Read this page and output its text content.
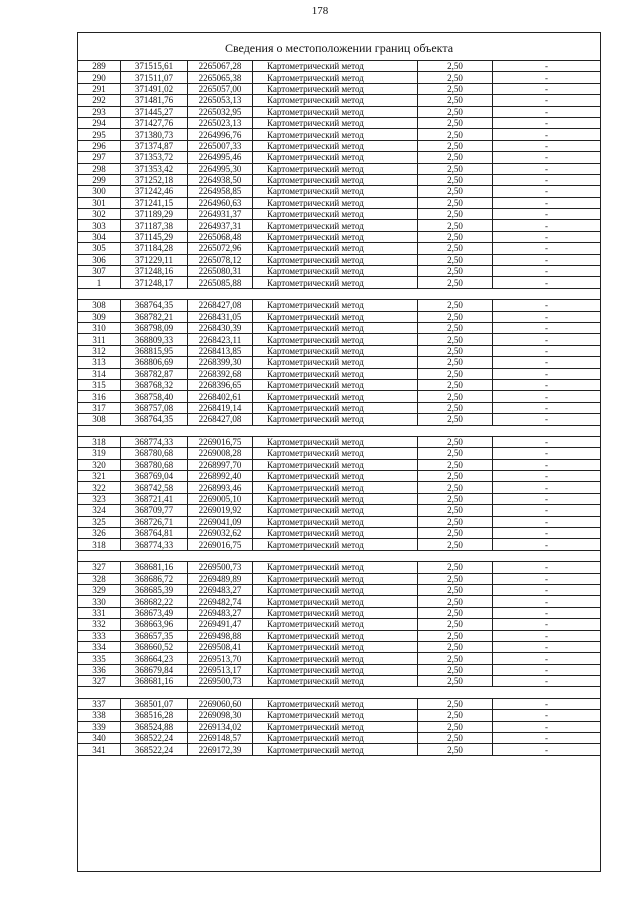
178
Сведения о местоположении границ объекта
289	371515,61	2265067,28	Картометрический метод	2,50	-
290	371511,07	2265065,38	Картометрический метод	2,50	-
291	371491,02	2265057,00	Картометрический метод	2,50	-
292	371481,76	2265053,13	Картометрический метод	2,50	-
293	371445,27	2265032,95	Картометрический метод	2,50	-
294	371427,76	2265023,13	Картометрический метод	2,50	-
295	371380,73	2264996,76	Картометрический метод	2,50	-
296	371374,87	2265007,33	Картометрический метод	2,50	-
297	371353,72	2264995,46	Картометрический метод	2,50	-
298	371353,42	2264995,30	Картометрический метод	2,50	-
299	371252,18	2264938,50	Картометрический метод	2,50	-
300	371242,46	2264958,85	Картометрический метод	2,50	-
301	371241,15	2264960,63	Картометрический метод	2,50	-
302	371189,29	2264931,37	Картометрический метод	2,50	-
303	371187,38	2264937,31	Картометрический метод	2,50	-
304	371145,29	2265068,48	Картометрический метод	2,50	-
305	371184,28	2265072,96	Картометрический метод	2,50	-
306	371229,11	2265078,12	Картометрический метод	2,50	-
307	371248,16	2265080,31	Картометрический метод	2,50	-
1	371248,17	2265085,88	Картометрический метод	2,50	-

308	368764,35	2268427,08	Картометрический метод	2,50	-
309	368782,21	2268431,05	Картометрический метод	2,50	-
310	368798,09	2268430,39	Картометрический метод	2,50	-
311	368809,33	2268423,11	Картометрический метод	2,50	-
312	368815,95	2268413,85	Картометрический метод	2,50	-
313	368806,69	2268399,30	Картометрический метод	2,50	-
314	368782,87	2268392,68	Картометрический метод	2,50	-
315	368768,32	2268396,65	Картометрический метод	2,50	-
316	368758,40	2268402,61	Картометрический метод	2,50	-
317	368757,08	2268419,14	Картометрический метод	2,50	-
308	368764,35	2268427,08	Картометрический метод	2,50	-

318	368774,33	2269016,75	Картометрический метод	2,50	-
319	368780,68	2269008,28	Картометрический метод	2,50	-
320	368780,68	2268997,70	Картометрический метод	2,50	-
321	368769,04	2268992,40	Картометрический метод	2,50	-
322	368742,58	2268993,46	Картометрический метод	2,50	-
323	368721,41	2269005,10	Картометрический метод	2,50	-
324	368709,77	2269019,92	Картометрический метод	2,50	-
325	368726,71	2269041,09	Картометрический метод	2,50	-
326	368764,81	2269032,62	Картометрический метод	2,50	-
318	368774,33	2269016,75	Картометрический метод	2,50	-

327	368681,16	2269500,73	Картометрический метод	2,50	-
328	368686,72	2269489,89	Картометрический метод	2,50	-
329	368685,39	2269483,27	Картометрический метод	2,50	-
330	368682,22	2269482,74	Картометрический метод	2,50	-
331	368673,49	2269483,27	Картометрический метод	2,50	-
332	368663,96	2269491,47	Картометрический метод	2,50	-
333	368657,35	2269498,88	Картометрический метод	2,50	-
334	368660,52	2269508,41	Картометрический метод	2,50	-
335	368664,23	2269513,70	Картометрический метод	2,50	-
336	368679,84	2269513,17	Картометрический метод	2,50	-
327	368681,16	2269500,73	Картометрический метод	2,50	-

337	368501,07	2269060,60	Картометрический метод	2,50	-
338	368516,28	2269098,30	Картометрический метод	2,50	-
339	368524,88	2269134,02	Картометрический метод	2,50	-
340	368522,24	2269148,57	Картометрический метод	2,50	-
341	368522,24	2269172,39	Картометрический метод	2,50	-
